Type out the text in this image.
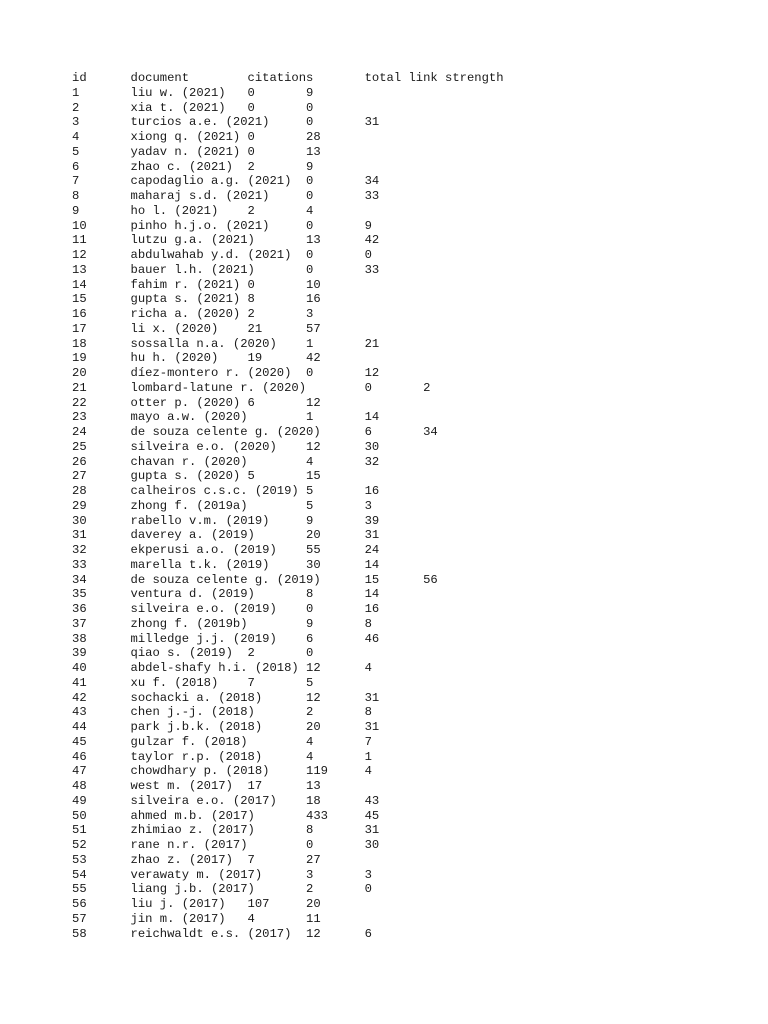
id	document	citations	total link strength
1	liu w. (2021)	0	9
2	xia t. (2021)	0	0
3	turcios a.e. (2021)	0	31
4	xiong q. (2021)	0	28
5	yadav n. (2021)	0	13
6	zhao c. (2021)	2	9
7	capodaglio a.g. (2021)	0	34
8	maharaj s.d. (2021)	0	33
9	ho l. (2021)	2	4
10	pinho h.j.o. (2021)	0	9
11	lutzu g.a. (2021)	13	42
12	abdulwahab y.d. (2021)	0	0
13	bauer l.h. (2021)	0	33
14	fahim r. (2021)	0	10
15	gupta s. (2021)	8	16
16	richa a. (2020)	2	3
17	li x. (2020)	21	57
18	sossalla n.a. (2020)	1	21
19	hu h. (2020)	19	42
20	díez-montero r. (2020)	0	12
21	lombard-latune r. (2020)	0	2
22	otter p. (2020)	6	12
23	mayo a.w. (2020)	1	14
24	de souza celente g. (2020)	6	34
25	silveira e.o. (2020)	12	30
26	chavan r. (2020)	4	32
27	gupta s. (2020)	5	15
28	calheiros c.s.c. (2019)	5	16
29	zhong f. (2019a)	5	3
30	rabello v.m. (2019)	9	39
31	daverey a. (2019)	20	31
32	ekperusi a.o. (2019)	55	24
33	marella t.k. (2019)	30	14
34	de souza celente g. (2019)	15	56
35	ventura d. (2019)	8	14
36	silveira e.o. (2019)	0	16
37	zhong f. (2019b)	9	8
38	milledge j.j. (2019)	6	46
39	qiao s. (2019)	2	0
40	abdel-shafy h.i. (2018)	12	4
41	xu f. (2018)	7	5
42	sochacki a. (2018)	12	31
43	chen j.-j. (2018)	2	8
44	park j.b.k. (2018)	20	31
45	gulzar f. (2018)	4	7
46	taylor r.p. (2018)	4	1
47	chowdhary p. (2018)	119	4
48	west m. (2017)	17	13
49	silveira e.o. (2017)	18	43
50	ahmed m.b. (2017)	433	45
51	zhimiao z. (2017)	8	31
52	rane n.r. (2017)	0	30
53	zhao z. (2017)	7	27
54	verawaty m. (2017)	3	3
55	liang j.b. (2017)	2	0
56	liu j. (2017)	107	20
57	jin m. (2017)	4	11
58	reichwaldt e.s. (2017)	12	6
